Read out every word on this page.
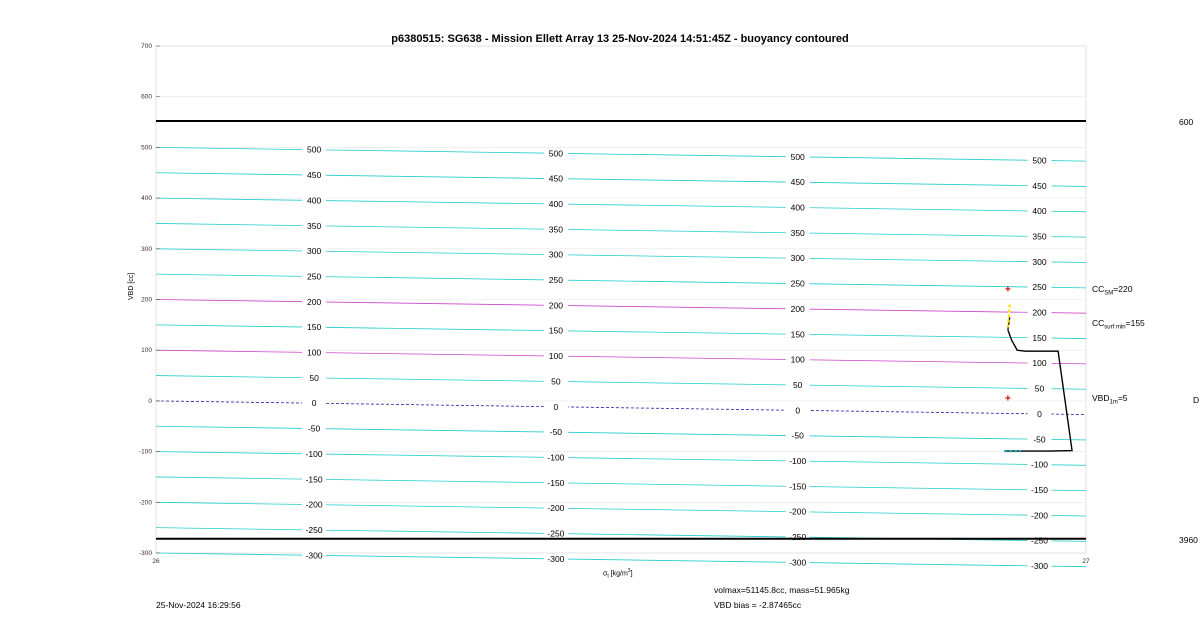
500	500	500	500
450	450	450	450
400	400	400	400
350	350	350	350
300	300	300	300
250	250	250	250
200	200	200	200
150	150	150	150
100	100	100	100
50	50	50	50
0	0	0	0
-50	-50	-50	-50
-100	-100	-100	-100
-150	-150	-150	-150
-200	-200	-200	-200
-250	-250	-250	-250
-300	-300	-300	-300
+
+
700
600
500
400
300
200
100
0
-100
-200
-300
26	27
p6380515: SG638 - Mission Ellett Array 13 25-Nov-2024 14:51:45Z - buoyancy contoured
VBD [cc]
$\sigma_t$ $[kg/m^3]$
600
3960
D
$CC_{SM}=220$
$CC_{surf min}=155$
$VBD_{1m}=5$
volmax=51145.8cc, mass=51.965kg
VBD bias = -2.87465cc
25-Nov-2024 16:29:56
